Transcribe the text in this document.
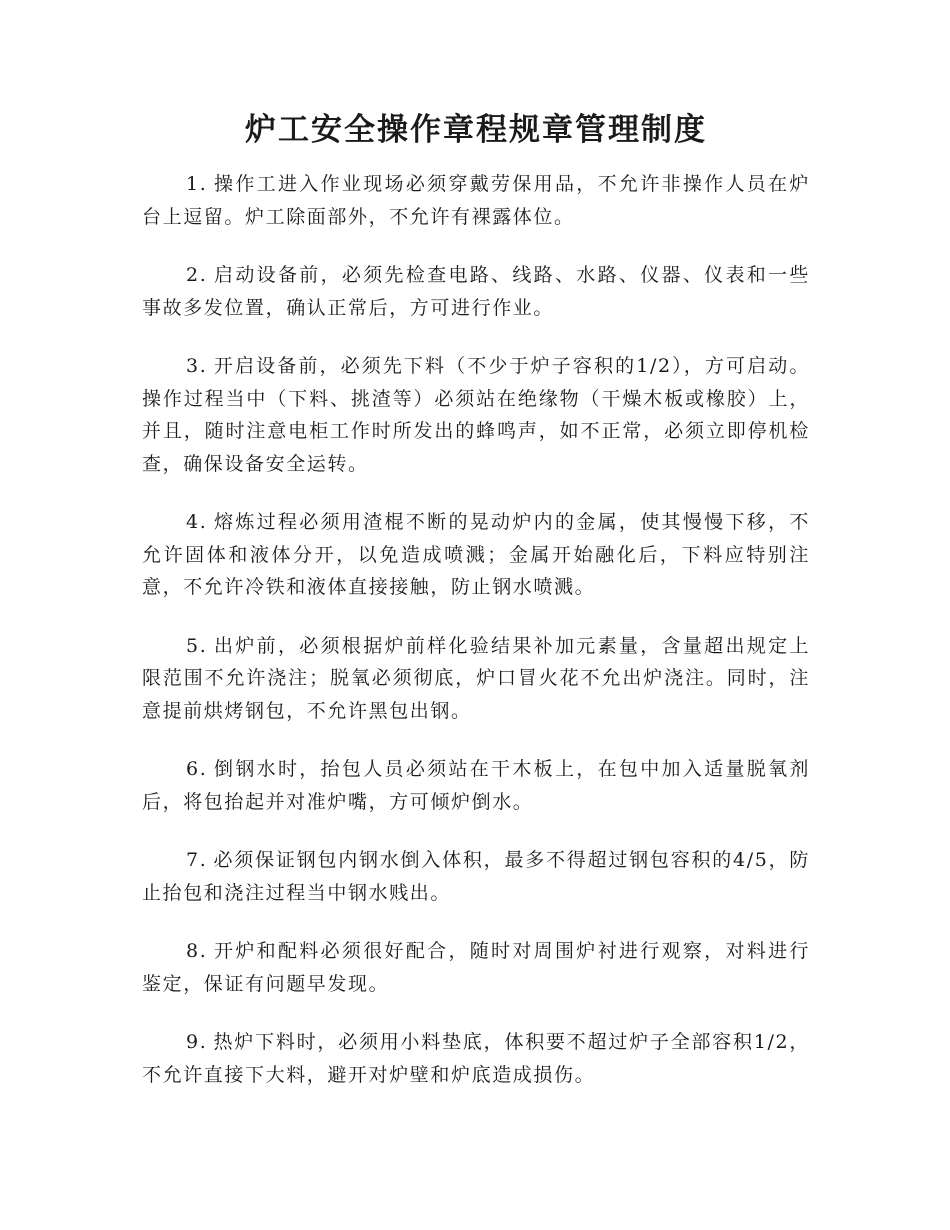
炉工安全操作章程规章管理制度

1. 操作工进入作业现场必须穿戴劳保用品，不允许非操作人员在炉台上逗留。炉工除面部外，不允许有裸露体位。

2. 启动设备前，必须先检查电路、线路、水路、仪器、仪表和一些事故多发位置，确认正常后，方可进行作业。

3. 开启设备前，必须先下料（不少于炉子容积的1/2），方可启动。操作过程当中（下料、挑渣等）必须站在绝缘物（干燥木板或橡胶）上，并且，随时注意电柜工作时所发出的蜂鸣声，如不正常，必须立即停机检查，确保设备安全运转。

4. 熔炼过程必须用渣棍不断的晃动炉内的金属，使其慢慢下移，不允许固体和液体分开，以免造成喷溅；金属开始融化后，下料应特别注意，不允许冷铁和液体直接接触，防止钢水喷溅。

5. 出炉前，必须根据炉前样化验结果补加元素量，含量超出规定上限范围不允许浇注；脱氧必须彻底，炉口冒火花不允出炉浇注。同时，注意提前烘烤钢包，不允许黑包出钢。

6. 倒钢水时，抬包人员必须站在干木板上，在包中加入适量脱氧剂后，将包抬起并对准炉嘴，方可倾炉倒水。

7. 必须保证钢包内钢水倒入体积，最多不得超过钢包容积的4/5，防止抬包和浇注过程当中钢水贱出。

8. 开炉和配料必须很好配合，随时对周围炉衬进行观察，对料进行鉴定，保证有问题早发现。

9. 热炉下料时，必须用小料垫底，体积要不超过炉子全部容积1/2，不允许直接下大料，避开对炉壁和炉底造成损伤。
